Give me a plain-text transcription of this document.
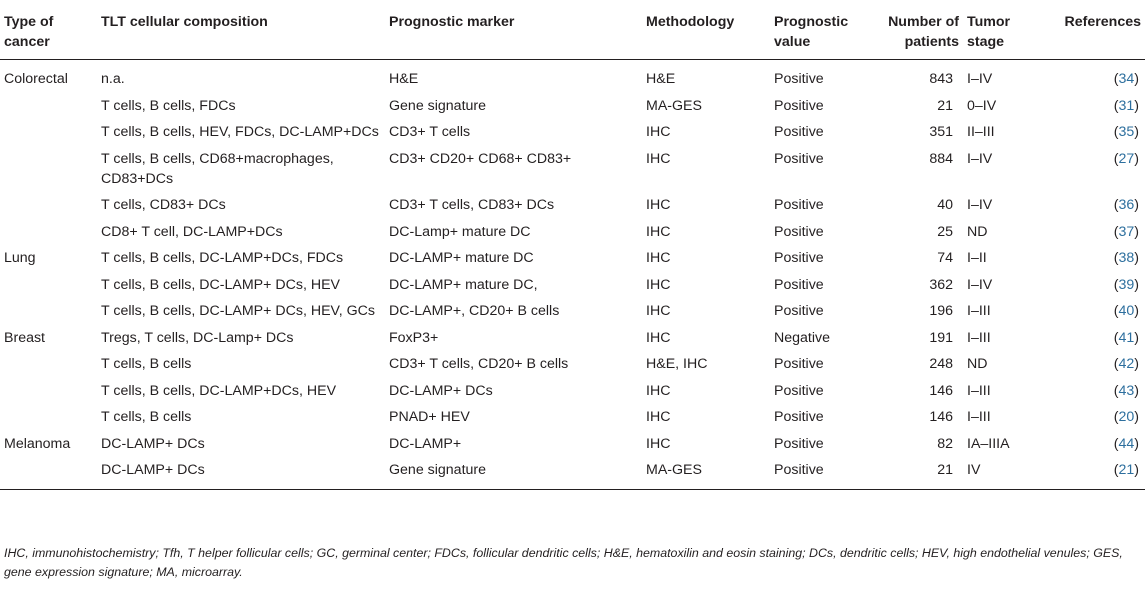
Type of cancer	TLT cellular composition	Prognostic marker	Methodology	Prognostic value	Number of patients	Tumor stage	References
Colorectal	n.a.	H&E	H&E	Positive	843	I–IV	(34)
	T cells, B cells, FDCs	Gene signature	MA-GES	Positive	21	0–IV	(31)
	T cells, B cells, HEV, FDCs, DC-LAMP+DCs	CD3+ T cells	IHC	Positive	351	II–III	(35)
	T cells, B cells, CD68+macrophages, CD83+DCs	CD3+ CD20+ CD68+ CD83+	IHC	Positive	884	I–IV	(27)
	T cells, CD83+ DCs	CD3+ T cells, CD83+ DCs	IHC	Positive	40	I–IV	(36)
	CD8+ T cell, DC-LAMP+DCs	DC-Lamp+ mature DC	IHC	Positive	25	ND	(37)
Lung	T cells, B cells, DC-LAMP+DCs, FDCs	DC-LAMP+ mature DC	IHC	Positive	74	I–II	(38)
	T cells, B cells, DC-LAMP+ DCs, HEV	DC-LAMP+ mature DC,	IHC	Positive	362	I–IV	(39)
	T cells, B cells, DC-LAMP+ DCs, HEV, GCs	DC-LAMP+, CD20+ B cells	IHC	Positive	196	I–III	(40)
Breast	Tregs, T cells, DC-Lamp+ DCs	FoxP3+	IHC	Negative	191	I–III	(41)
	T cells, B cells	CD3+ T cells, CD20+ B cells	H&E, IHC	Positive	248	ND	(42)
	T cells, B cells, DC-LAMP+DCs, HEV	DC-LAMP+ DCs	IHC	Positive	146	I–III	(43)
	T cells, B cells	PNAD+ HEV	IHC	Positive	146	I–III	(20)
Melanoma	DC-LAMP+ DCs	DC-LAMP+	IHC	Positive	82	IA–IIIA	(44)
	DC-LAMP+ DCs	Gene signature	MA-GES	Positive	21	IV	(21)
IHC, immunohistochemistry; Tfh, T helper follicular cells; GC, germinal center; FDCs, follicular dendritic cells; H&E, hematoxilin and eosin staining; DCs, dendritic cells; HEV, high endothelial venules; GES, gene expression signature; MA, microarray.
